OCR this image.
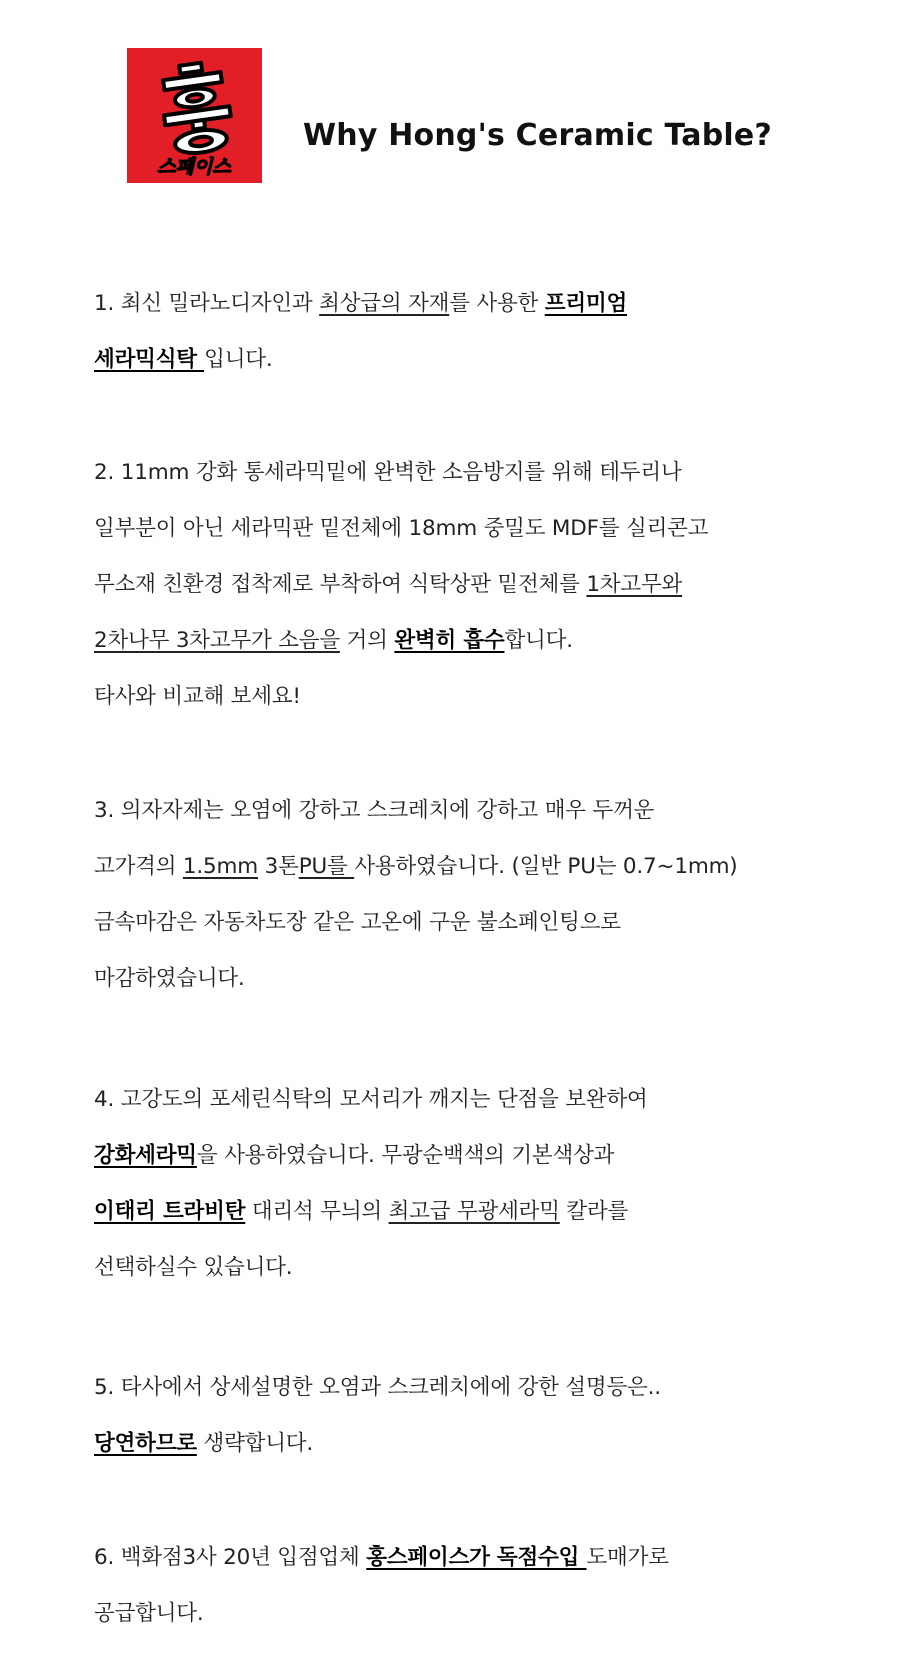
스페이스
Why Hong's Ceramic Table?
1. 최신 밀라노디자인과 최상급의 자재를 사용한 프리미엄
세라믹식탁 입니다.
2. 11mm 강화 통세라믹밑에 완벽한 소음방지를 위해 테두리나
일부분이 아닌 세라믹판 밑전체에 18mm 중밀도 MDF를 실리콘고
무소재 친환경 접착제로 부착하여 식탁상판 밑전체를 1차고무와
2차나무 3차고무가 소음을 거의 완벽히 흡수합니다.
타사와 비교해 보세요!
3. 의자자제는 오염에 강하고 스크레치에 강하고 매우 두꺼운
고가격의 1.5mm 3톤PU를 사용하였습니다. (일반 PU는 0.7~1mm)
금속마감은 자동차도장 같은 고온에 구운 불소페인팅으로
마감하였습니다.
4. 고강도의 포세린식탁의 모서리가 깨지는 단점을 보완하여
강화세라믹을 사용하였습니다. 무광순백색의 기본색상과
이태리 트라비탄 대리석 무늬의 최고급 무광세라믹 칼라를
선택하실수 있습니다.
5. 타사에서 상세설명한 오염과 스크레치에에 강한 설명등은..
당연하므로 생략합니다.
6. 백화점3사 20년 입점업체 홍스페이스가 독점수입 도매가로
공급합니다.
